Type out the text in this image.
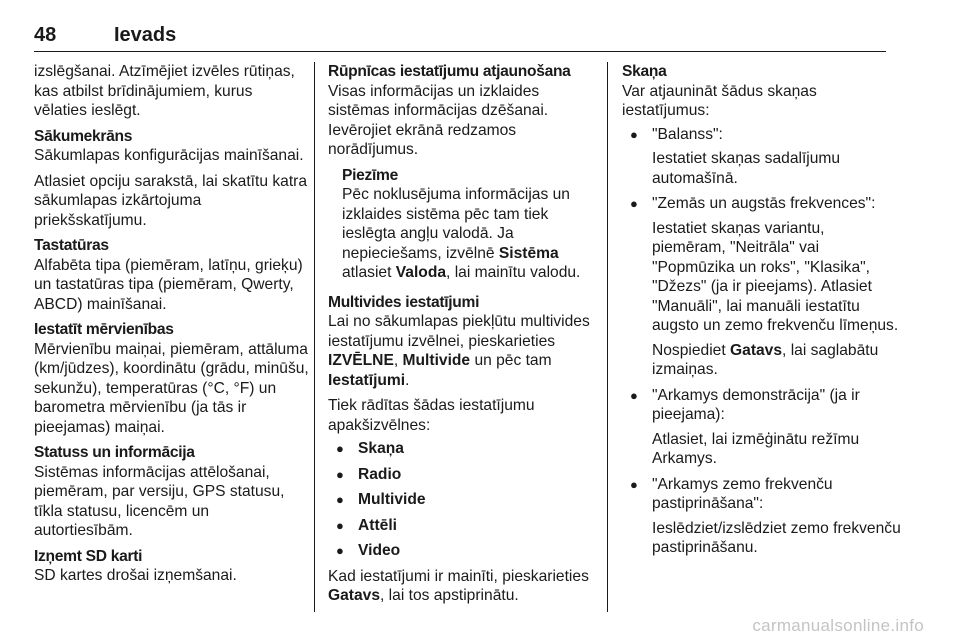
48	Ievads

izslēgšanai. Atzīmējiet izvēles rūtiņas, kas atbilst brīdinājumiem, kurus vēlaties ieslēgt.

Sākumekrāns

Sākumlapas konfigurācijas mainīšanai.

Atlasiet opciju sarakstā, lai skatītu katra sākumlapas izkārtojuma priekšskatījumu.

Tastatūras

Alfabēta tipa (piemēram, latīņu, grieķu) un tastatūras tipa (piemēram, Qwerty, ABCD) mainīšanai.

Iestatīt mērvienības

Mērvienību maiņai, piemēram, attāluma (km/jūdzes), koordinātu (grādu, minūšu, sekunžu), temperatūras (°C, °F) un barometra mērvienību (ja tās ir pieejamas) maiņai.

Statuss un informācija

Sistēmas informācijas attēlošanai, piemēram, par versiju, GPS statusu, tīkla statusu, licencēm un autortiesībām.

Izņemt SD karti

SD kartes drošai izņemšanai.

Rūpnīcas iestatījumu atjaunošana

Visas informācijas un izklaides sistēmas informācijas dzēšanai.

Ievērojiet ekrānā redzamos norādījumus.

Piezīme
Pēc noklusējuma informācijas un izklaides sistēma pēc tam tiek ieslēgta angļu valodā. Ja nepieciešams, izvēlnē Sistēma atlasiet Valoda, lai mainītu valodu.
Multivides iestatījumi

Lai no sākumlapas piekļūtu multivides iestatījumu izvēlnei, pieskarieties IZVĒLNE, Multivide un pēc tam Iestatījumi.

Tiek rādītas šādas iestatījumu apakšizvēlnes:

● Skaņa
● Radio
● Multivide
● Attēli
● Video

Kad iestatījumi ir mainīti, pieskarieties Gatavs, lai tos apstiprinātu.

Skaņa

Var atjaunināt šādus skaņas iestatījumus:

● "Balanss":
Iestatiet skaņas sadalījumu automašīnā.
● "Zemās un augstās frekvences":
Iestatiet skaņas variantu, piemēram, "Neitrāla" vai "Popmūzika un roks", "Klasika", "Džezs" (ja ir pieejams). Atlasiet "Manuāli", lai manuāli iestatītu augsto un zemo frekvenču līmeņus.
Nospiediet Gatavs, lai saglabātu izmaiņas.
● "Arkamys demonstrācija" (ja ir pieejama):
Atlasiet, lai izmēģinātu režīmu Arkamys.
● "Arkamys zemo frekvenču pastiprināšana":
Ieslēdziet/izslēdziet zemo frekvenču pastiprināšanu.
carmanualsonline.info
